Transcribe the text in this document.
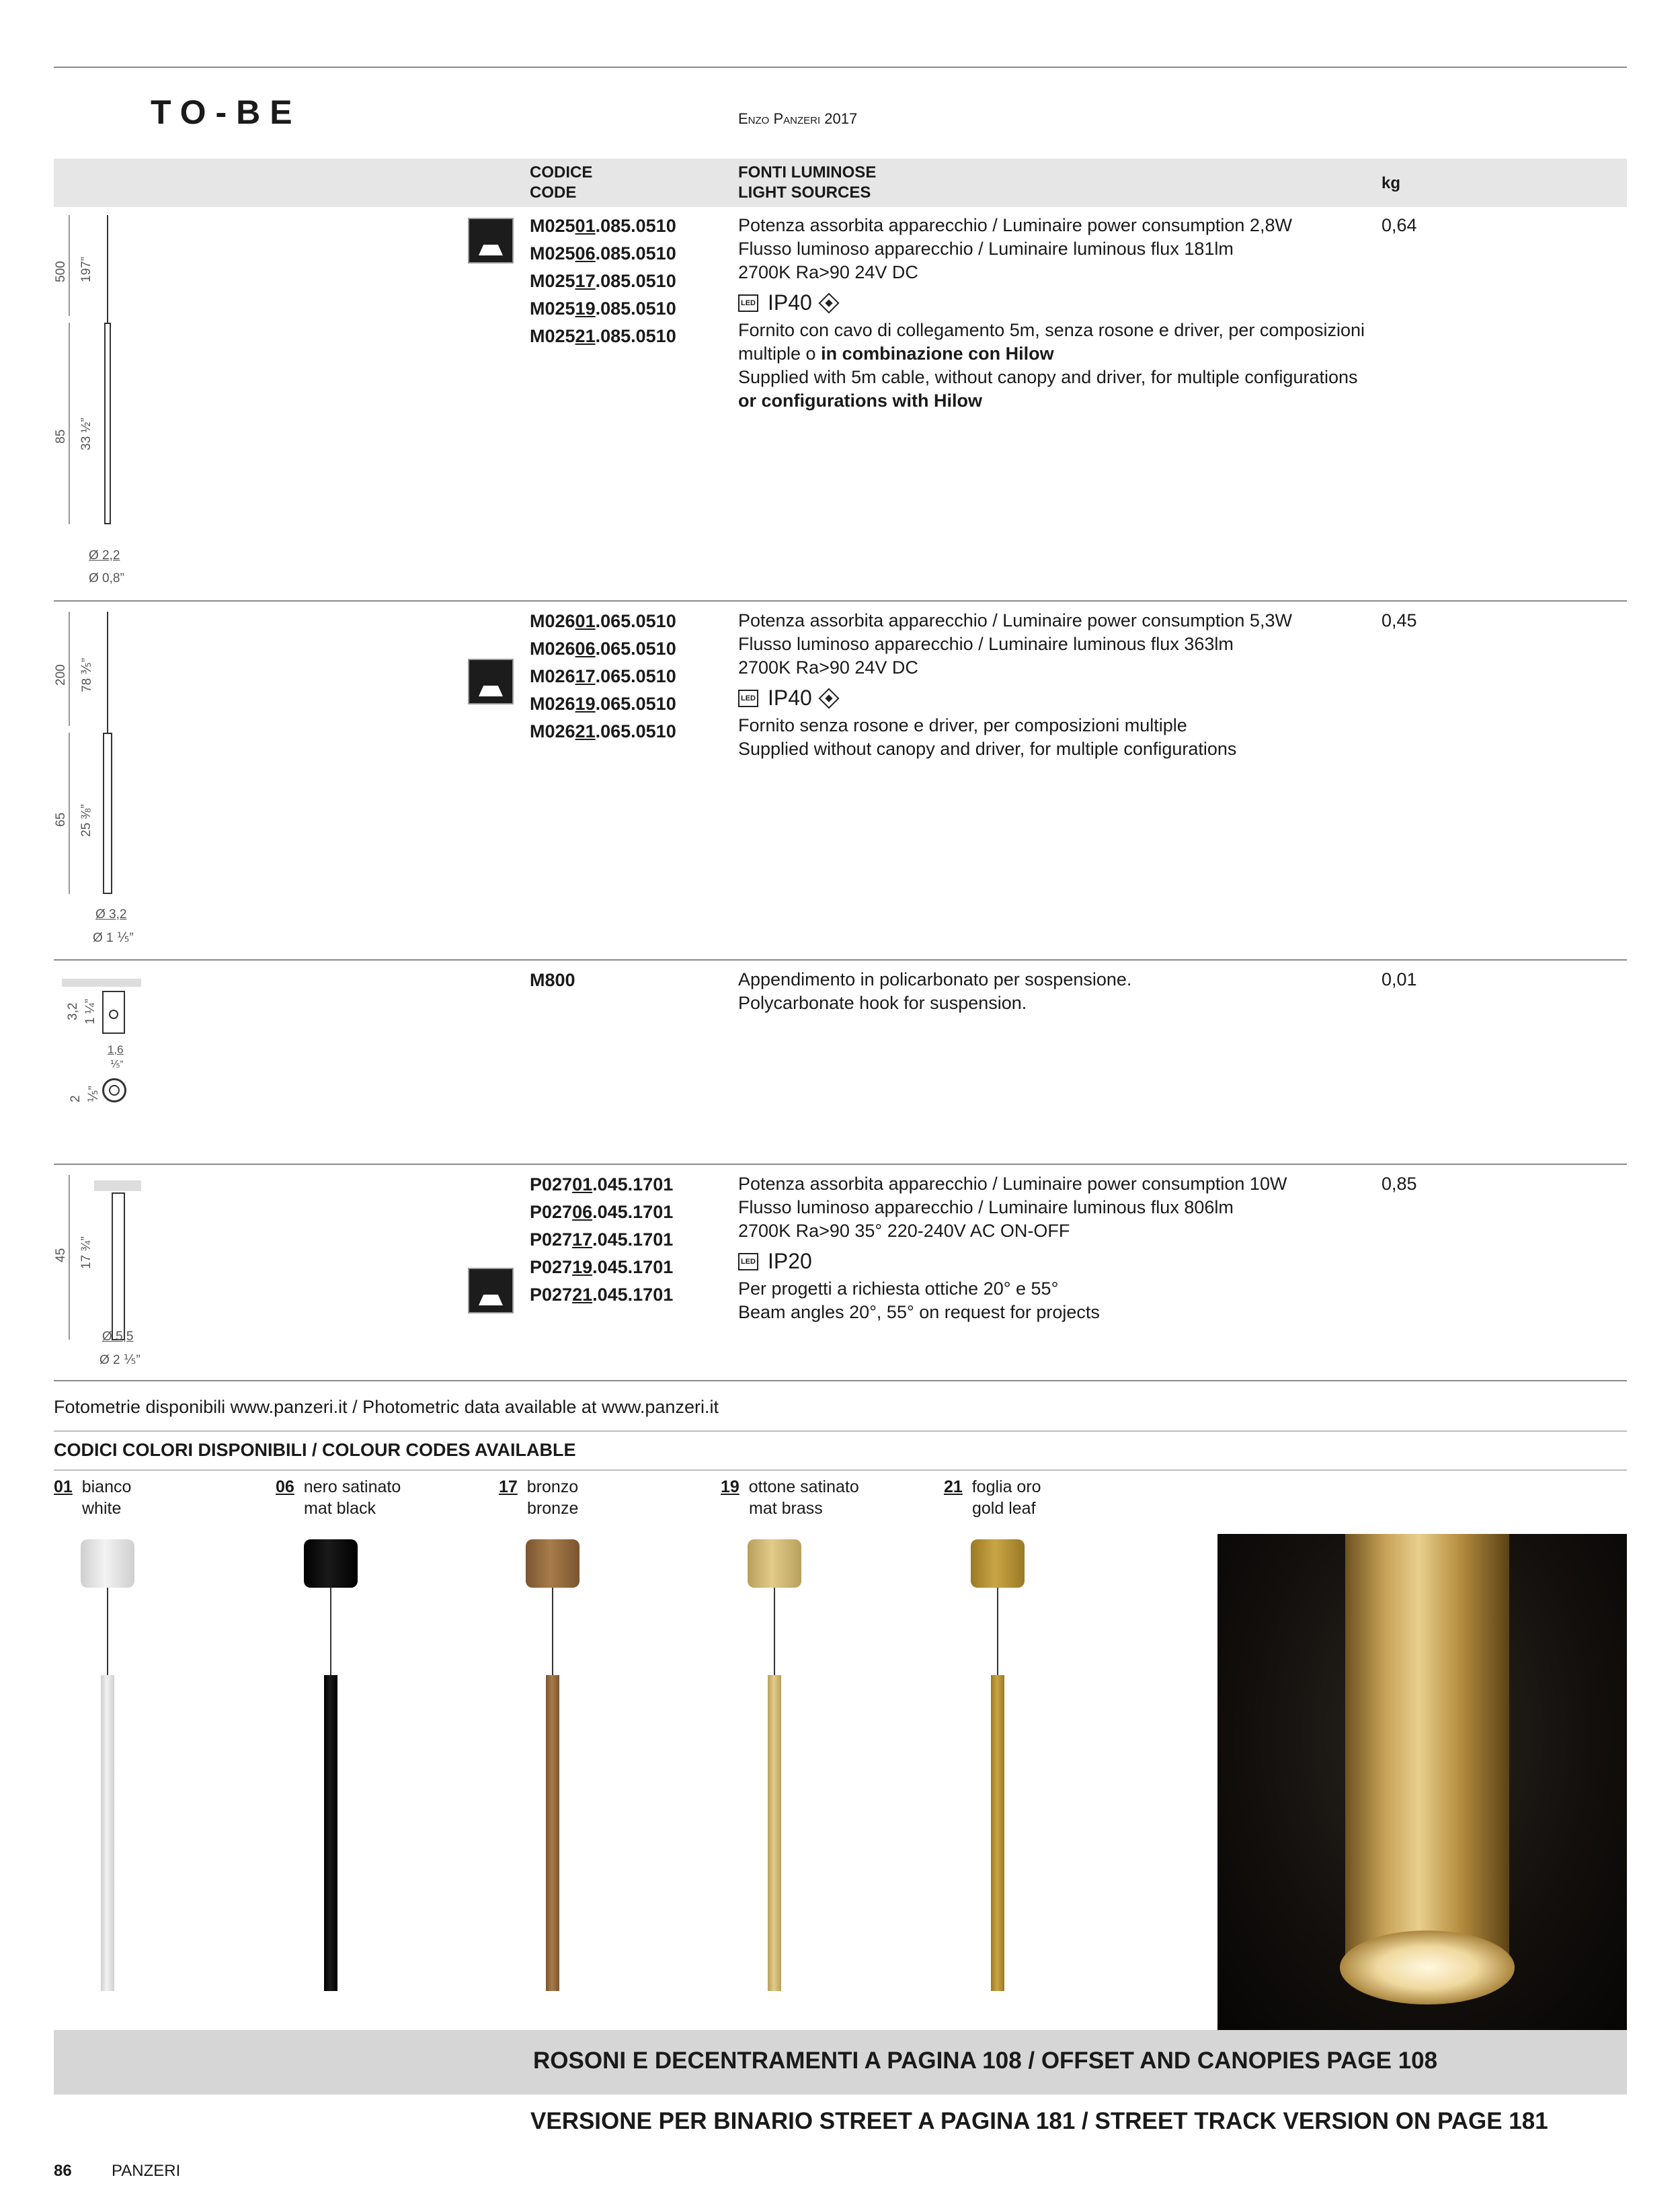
TO-BE	Enzo Panzeri 2017
CODICE
CODE
FONTI LUMINOSE
LIGHT SOURCES
kg
500 197”
85 33 ½”
Ø 2,2
Ø 0,8”
M02501.085.0510
M02506.085.0510
M02517.085.0510
M02519.085.0510
M02521.085.0510
Potenza assorbita apparecchio / Luminaire power consumption 2,8W
Flusso luminoso apparecchio / Luminaire luminous flux 181lm
2700K Ra>90 24V DC
LED IP40
Fornito con cavo di collegamento 5m, senza rosone e driver, per composizioni
multiple o in combinazione con Hilow
Supplied with 5m cable, without canopy and driver, for multiple configurations
or configurations with Hilow
0,64
200 78 ⅗”
65 25 ⅜”
Ø 3,2
Ø 1 ⅕”
M02601.065.0510
M02606.065.0510
M02617.065.0510
M02619.065.0510
M02621.065.0510
Potenza assorbita apparecchio / Luminaire power consumption 5,3W
Flusso luminoso apparecchio / Luminaire luminous flux 363lm
2700K Ra>90 24V DC
LED IP40
Fornito senza rosone e driver, per composizioni multiple
Supplied without canopy and driver, for multiple configurations
0,45
3,2 1 ¼”
1,6
⅕”
2 ⅕”
M800	Appendimento in policarbonato per sospensione.
Polycarbonate hook for suspension.
0,01
45 17 ¾”
Ø 5,5
Ø 2 ⅕”
P02701.045.1701
P02706.045.1701
P02717.045.1701
P02719.045.1701
P02721.045.1701
Potenza assorbita apparecchio / Luminaire power consumption 10W
Flusso luminoso apparecchio / Luminaire luminous flux 806lm
2700K Ra>90 35° 220-240V AC ON-OFF
LED IP20
Per progetti a richiesta ottiche 20° e 55°
Beam angles 20°, 55° on request for projects
0,85
Fotometrie disponibili www.panzeri.it / Photometric data available at www.panzeri.it
CODICI COLORI DISPONIBILI / COLOUR CODES AVAILABLE
01 bianco
white
06 nero satinato
mat black
17 bronzo
bronze
19 ottone satinato
mat brass
21 foglia oro
gold leaf
ROSONI E DECENTRAMENTI A PAGINA 108 / OFFSET AND CANOPIES PAGE 108
VERSIONE PER BINARIO STREET A PAGINA 181 / STREET TRACK VERSION ON PAGE 181
86 PANZERI
